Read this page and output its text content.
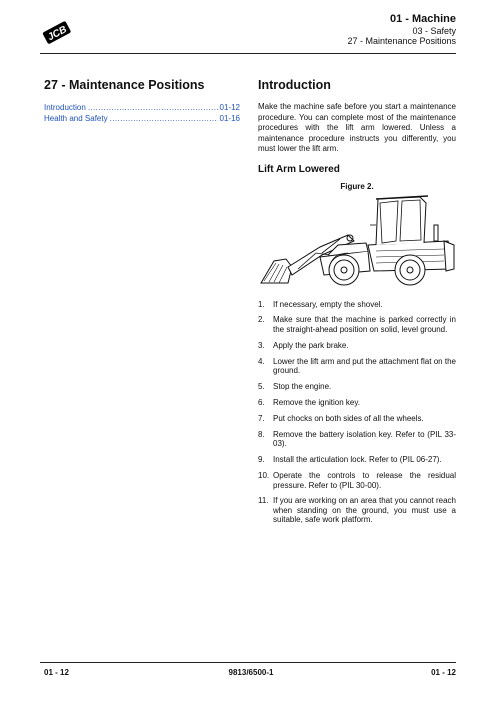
JCB
01 - Machine
03 - Safety
27 - Maintenance Positions
27 - Maintenance Positions
Introduction .....	01-12
Health and Safety .....	01-16
Introduction

Make the machine safe before you start a maintenance procedure. You can complete most of the maintenance procedures with the lift arm lowered. Unless a maintenance procedure instructs you differently, you must lower the lift arm.

Lift Arm Lowered
Figure 2.
1.	If necessary, empty the shovel.
2.	Make sure that the machine is parked correctly in the straight-ahead position on solid, level ground.
3.	Apply the park brake.
4.	Lower the lift arm and put the attachment flat on the ground.
5.	Stop the engine.
6.	Remove the ignition key.
7.	Put chocks on both sides of all the wheels.
8.	Remove the battery isolation key. Refer to (PIL 33-03).
9.	Install the articulation lock. Refer to (PIL 06-27).
10. Operate the controls to release the residual pressure. Refer to (PIL 30-00).
11. If you are working on an area that you cannot reach when standing on the ground, you must use a suitable, safe work platform.
01 - 12	9813/6500-1	01 - 12
